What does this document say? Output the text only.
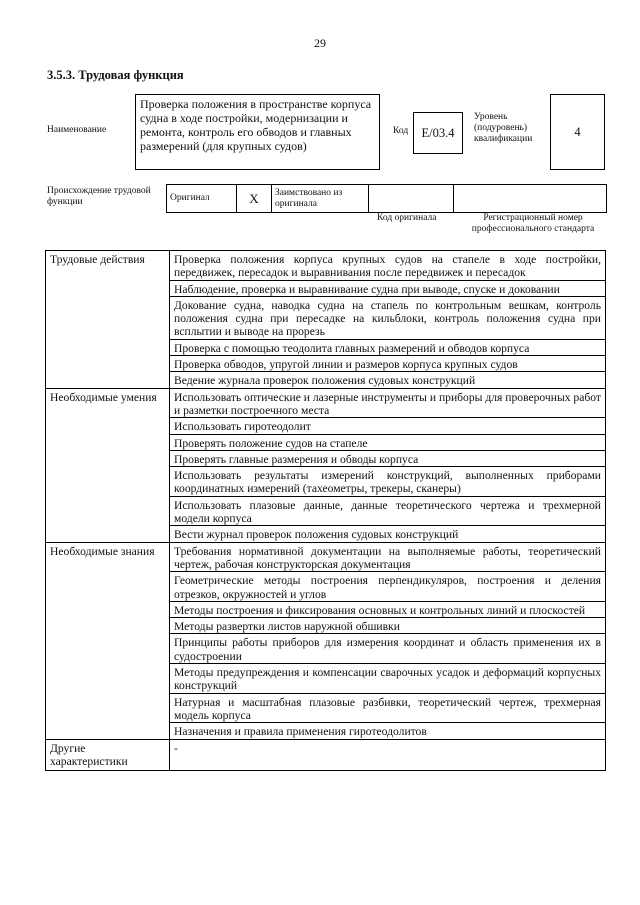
29
3.5.3. Трудовая функция
Наименование
Проверка положения в пространстве корпуса судна в ходе постройки, модернизации и ремонта, контроль его обводов и главных размерений (для крупных судов)
Код	E/03.4
Уровень (подуровень) квалификации
4
Происхождение трудовой функции	Оригинал	X	Заимствовано из оригинала		
Код оригинала	Регистрационный номер профессионального стандарта
Трудовые действия	Проверка положения корпуса крупных судов на стапеле в ходе постройки, передвижек, пересадок и выравнивания после передвижек и пересадок
	Наблюдение, проверка и выравнивание судна при выводе, спуске и доковании
	Докование судна, наводка судна на стапель по контрольным вешкам, контроль положения судна при пересадке на кильблоки, контроль положения судна при всплытии и выводе на прорезь
	Проверка с помощью теодолита главных размерений и обводов корпуса
	Проверка обводов, упругой линии и размеров корпуса крупных судов
	Ведение журнала проверок положения судовых конструкций
Необходимые умения	Использовать оптические и лазерные инструменты и приборы для проверочных работ и разметки построечного места
	Использовать гиротеодолит
	Проверять положение судов на стапеле
	Проверять главные размерения и обводы корпуса
	Использовать результаты измерений конструкций, выполненных приборами координатных измерений (тахеометры, трекеры, сканеры)
	Использовать плазовые данные, данные теоретического чертежа и трехмерной модели корпуса
	Вести журнал проверок положения судовых конструкций
Необходимые знания	Требования нормативной документации на выполняемые работы, теоретический чертеж, рабочая конструкторская документация
	Геометрические методы построения перпендикуляров, построения и деления отрезков, окружностей и углов
	Методы построения и фиксирования основных и контрольных линий и плоскостей
	Методы развертки листов наружной обшивки
	Принципы работы приборов для измерения координат и область применения их в судостроении
	Методы предупреждения и компенсации сварочных усадок и деформаций корпусных конструкций
	Натурная и масштабная плазовые разбивки, теоретический чертеж, трехмерная модель корпуса
	Назначения и правила применения гиротеодолитов
Другие характеристики	-
